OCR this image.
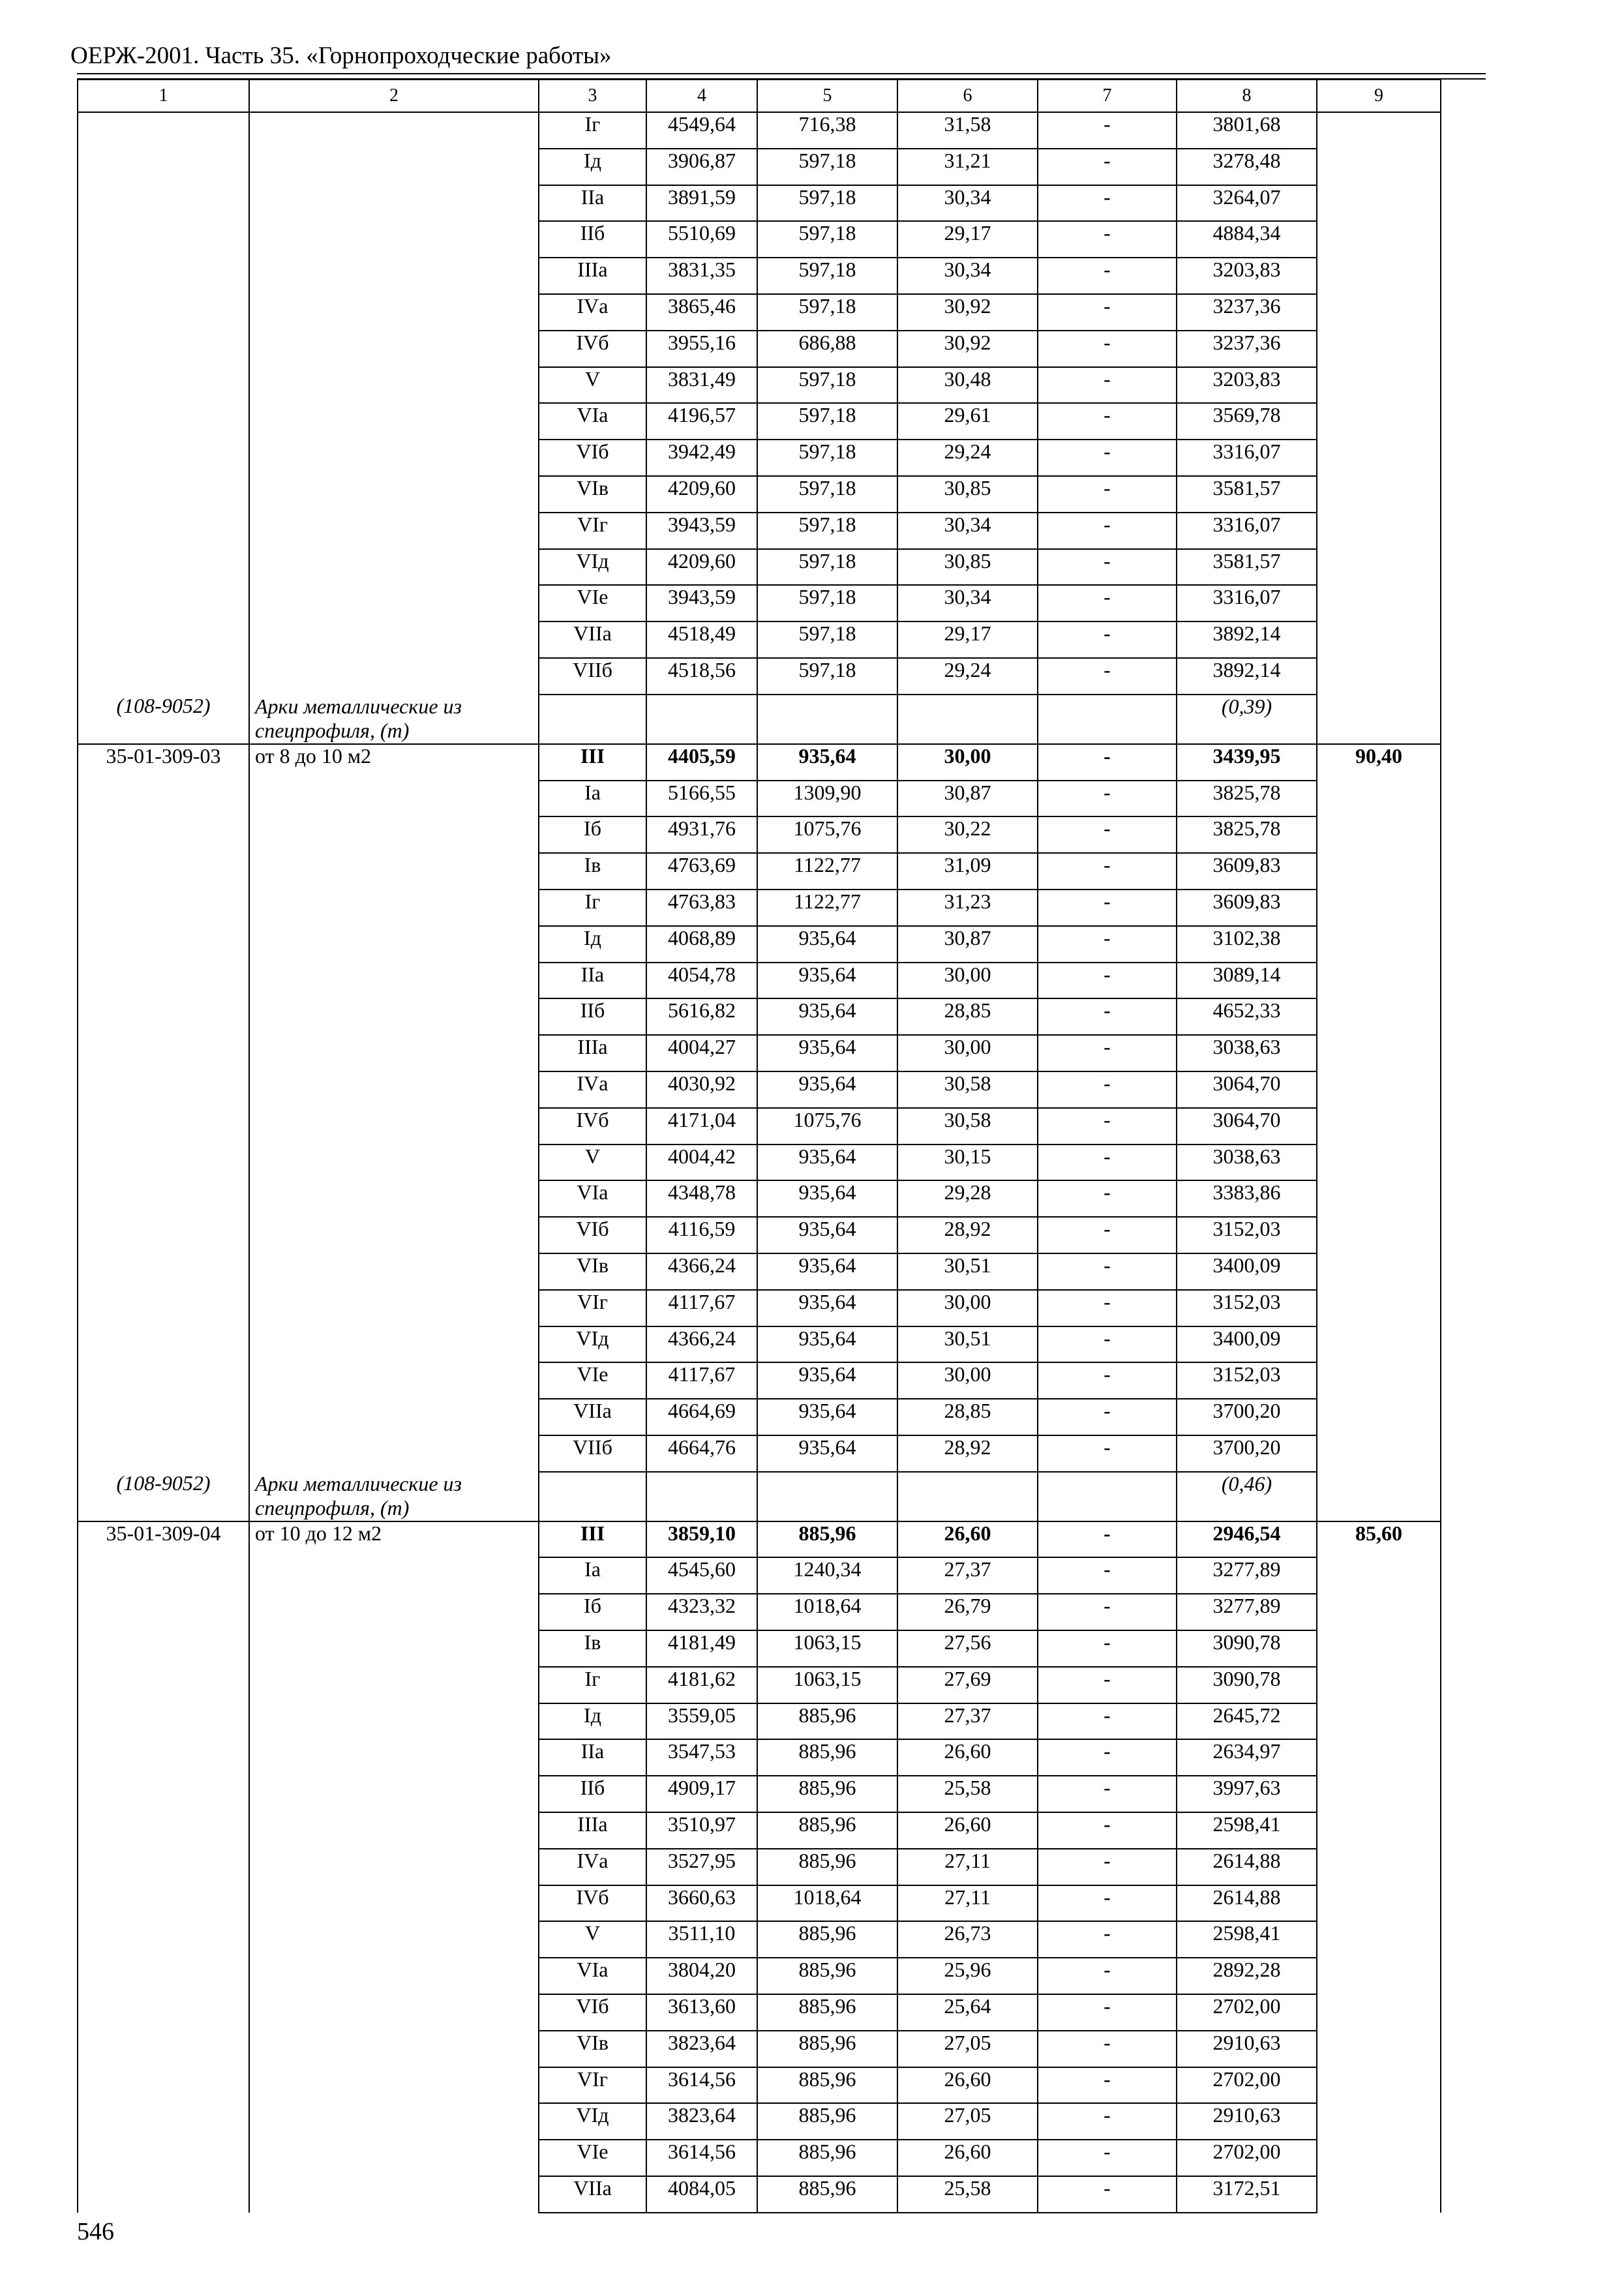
ОЕРЖ-2001. Часть 35. «Горнопроходческие работы»
1	2	3	4	5	6	7	8	9
		Iг	4549,64	716,38	31,58	-	3801,68	
		Iд	3906,87	597,18	31,21	-	3278,48	
		IIа	3891,59	597,18	30,34	-	3264,07	
		IIб	5510,69	597,18	29,17	-	4884,34	
		IIIа	3831,35	597,18	30,34	-	3203,83	
		IVа	3865,46	597,18	30,92	-	3237,36	
		IVб	3955,16	686,88	30,92	-	3237,36	
		V	3831,49	597,18	30,48	-	3203,83	
		VIа	4196,57	597,18	29,61	-	3569,78	
		VIб	3942,49	597,18	29,24	-	3316,07	
		VIв	4209,60	597,18	30,85	-	3581,57	
		VIг	3943,59	597,18	30,34	-	3316,07	
		VIд	4209,60	597,18	30,85	-	3581,57	
		VIе	3943,59	597,18	30,34	-	3316,07	
		VIIа	4518,49	597,18	29,17	-	3892,14	
		VIIб	4518,56	597,18	29,24	-	3892,14	
(108-9052)	Арки металлические из спецпрофиля, (т)						(0,39)	
35-01-309-03	от 8 до 10 м2	III	4405,59	935,64	30,00	-	3439,95	90,40
		Iа	5166,55	1309,90	30,87	-	3825,78	
		Iб	4931,76	1075,76	30,22	-	3825,78	
		Iв	4763,69	1122,77	31,09	-	3609,83	
		Iг	4763,83	1122,77	31,23	-	3609,83	
		Iд	4068,89	935,64	30,87	-	3102,38	
		IIа	4054,78	935,64	30,00	-	3089,14	
		IIб	5616,82	935,64	28,85	-	4652,33	
		IIIа	4004,27	935,64	30,00	-	3038,63	
		IVа	4030,92	935,64	30,58	-	3064,70	
		IVб	4171,04	1075,76	30,58	-	3064,70	
		V	4004,42	935,64	30,15	-	3038,63	
		VIа	4348,78	935,64	29,28	-	3383,86	
		VIб	4116,59	935,64	28,92	-	3152,03	
		VIв	4366,24	935,64	30,51	-	3400,09	
		VIг	4117,67	935,64	30,00	-	3152,03	
		VIд	4366,24	935,64	30,51	-	3400,09	
		VIе	4117,67	935,64	30,00	-	3152,03	
		VIIа	4664,69	935,64	28,85	-	3700,20	
		VIIб	4664,76	935,64	28,92	-	3700,20	
(108-9052)	Арки металлические из спецпрофиля, (т)						(0,46)	
35-01-309-04	от 10 до 12 м2	III	3859,10	885,96	26,60	-	2946,54	85,60
		Iа	4545,60	1240,34	27,37	-	3277,89	
		Iб	4323,32	1018,64	26,79	-	3277,89	
		Iв	4181,49	1063,15	27,56	-	3090,78	
		Iг	4181,62	1063,15	27,69	-	3090,78	
		Iд	3559,05	885,96	27,37	-	2645,72	
		IIа	3547,53	885,96	26,60	-	2634,97	
		IIб	4909,17	885,96	25,58	-	3997,63	
		IIIа	3510,97	885,96	26,60	-	2598,41	
		IVа	3527,95	885,96	27,11	-	2614,88	
		IVб	3660,63	1018,64	27,11	-	2614,88	
		V	3511,10	885,96	26,73	-	2598,41	
		VIа	3804,20	885,96	25,96	-	2892,28	
		VIб	3613,60	885,96	25,64	-	2702,00	
		VIв	3823,64	885,96	27,05	-	2910,63	
		VIг	3614,56	885,96	26,60	-	2702,00	
		VIд	3823,64	885,96	27,05	-	2910,63	
		VIе	3614,56	885,96	26,60	-	2702,00	
		VIIа	4084,05	885,96	25,58	-	3172,51	
546
